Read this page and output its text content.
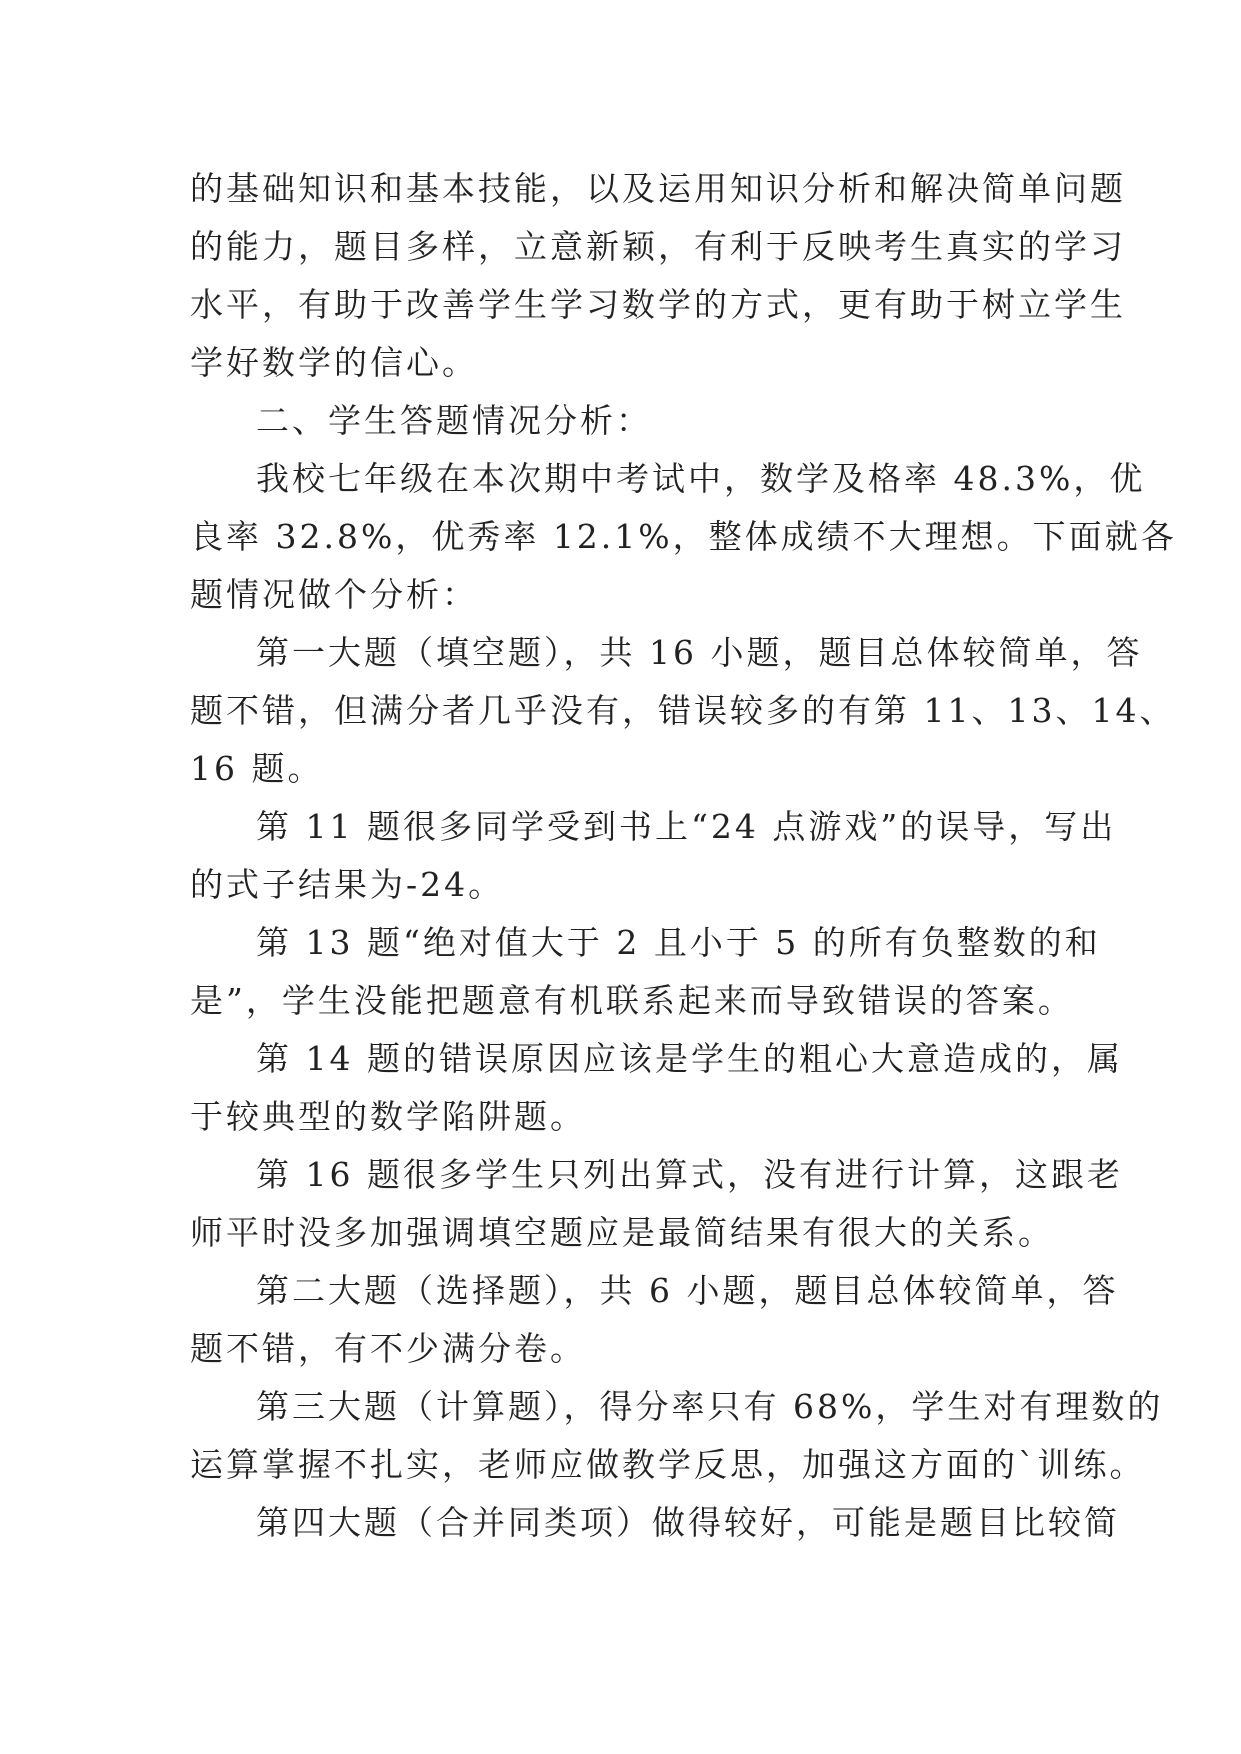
的基础知识和基本技能，以及运用知识分析和解决简单问题
的能力，题目多样，立意新颖，有利于反映考生真实的学习
水平，有助于改善学生学习数学的方式，更有助于树立学生
学好数学的信心。
二、学生答题情况分析：
我校七年级在本次期中考试中，数学及格率 48.3%，优
良率 32.8%，优秀率 12.1%，整体成绩不大理想。下面就各
题情况做个分析：
第一大题（填空题），共 16 小题，题目总体较简单，答
题不错，但满分者几乎没有，错误较多的有第 11、13、14、
16 题。
第 11 题很多同学受到书上“24 点游戏”的误导，写出
的式子结果为-24。
第 13 题“绝对值大于 2 且小于 5 的所有负整数的和
是”，学生没能把题意有机联系起来而导致错误的答案。
第 14 题的错误原因应该是学生的粗心大意造成的，属
于较典型的数学陷阱题。
第 16 题很多学生只列出算式，没有进行计算，这跟老
师平时没多加强调填空题应是最简结果有很大的关系。
第二大题（选择题），共 6 小题，题目总体较简单，答
题不错，有不少满分卷。
第三大题（计算题），得分率只有 68%，学生对有理数的
运算掌握不扎实，老师应做教学反思，加强这方面的`训练。
第四大题（合并同类项）做得较好，可能是题目比较简
